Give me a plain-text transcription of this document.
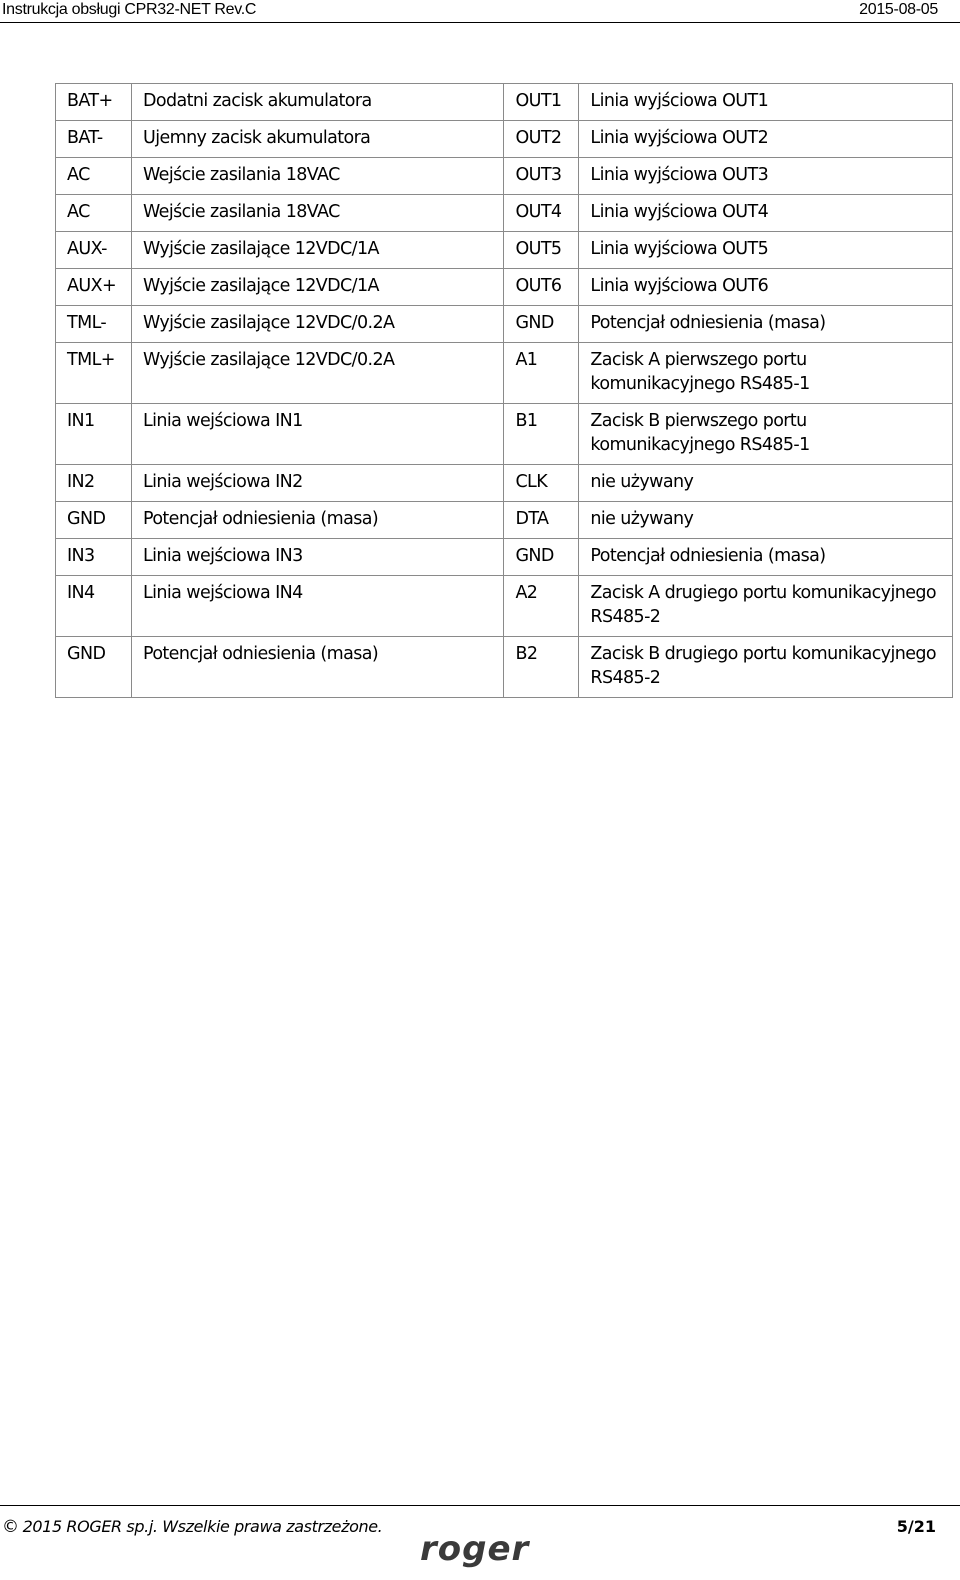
Instrukcja obsługi CPR32-NET Rev.C	2015-08-05
BAT+	Dodatni zacisk akumulatora	OUT1	Linia wyjściowa OUT1
BAT-	Ujemny zacisk akumulatora	OUT2	Linia wyjściowa OUT2
AC	Wejście zasilania 18VAC	OUT3	Linia wyjściowa OUT3
AC	Wejście zasilania 18VAC	OUT4	Linia wyjściowa OUT4
AUX-	Wyjście zasilające 12VDC/1A	OUT5	Linia wyjściowa OUT5
AUX+	Wyjście zasilające 12VDC/1A	OUT6	Linia wyjściowa OUT6
TML-	Wyjście zasilające 12VDC/0.2A	GND	Potencjał odniesienia (masa)
TML+	Wyjście zasilające 12VDC/0.2A	A1	Zacisk A pierwszego portu komunikacyjnego RS485-1
IN1	Linia wejściowa IN1	B1	Zacisk B pierwszego portu komunikacyjnego RS485-1
IN2	Linia wejściowa IN2	CLK	nie używany
GND	Potencjał odniesienia (masa)	DTA	nie używany
IN3	Linia wejściowa IN3	GND	Potencjał odniesienia (masa)
IN4	Linia wejściowa IN4	A2	Zacisk A drugiego portu komunikacyjnego RS485-2
GND	Potencjał odniesienia (masa)	B2	Zacisk B drugiego portu komunikacyjnego RS485-2
© 2015 ROGER sp.j. Wszelkie prawa zastrzeżone.	5/21
roger
